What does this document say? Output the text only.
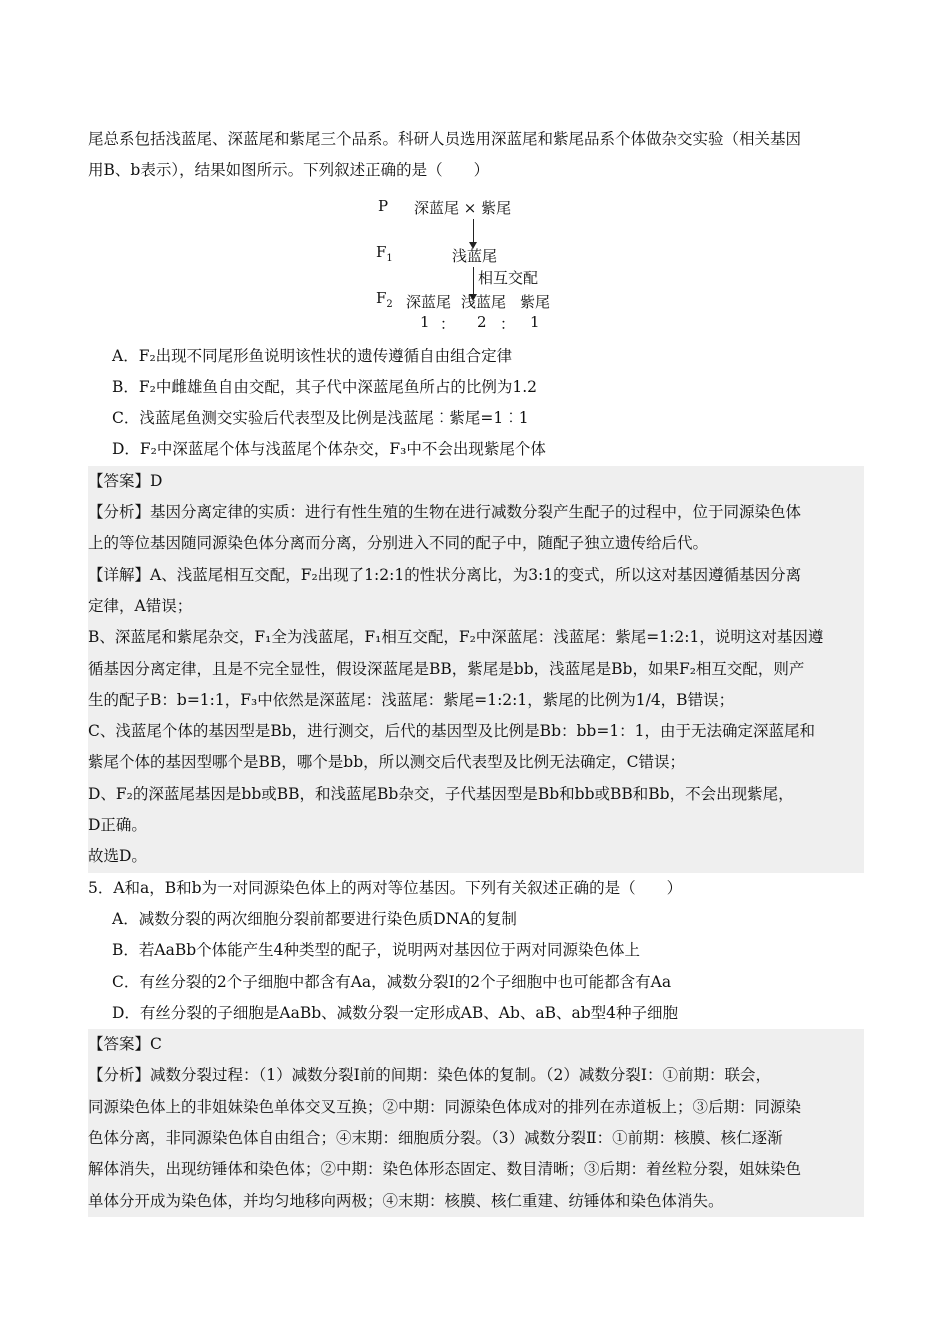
尾总系包括浅蓝尾、深蓝尾和紫尾三个品系。科研人员选用深蓝尾和紫尾品系个体做杂交实验（相关基因
用B、b表示），结果如图所示。下列叙述正确的是（　　）
P 深蓝尾 × 紫尾
$F_1$	浅蓝尾
相互交配
$F_2$ 深蓝尾 浅蓝尾 紫尾
1 ： 2 ： 1
A．F₂出现不同尾形鱼说明该性状的遗传遵循自由组合定律
B．F₂中雌雄鱼自由交配，其子代中深蓝尾鱼所占的比例为1.2
C．浅蓝尾鱼测交实验后代表型及比例是浅蓝尾︰紫尾=1︰1
D．F₂中深蓝尾个体与浅蓝尾个体杂交，F₃中不会出现紫尾个体
【答案】D
【分析】基因分离定律的实质：进行有性生殖的生物在进行减数分裂产生配子的过程中，位于同源染色体
上的等位基因随同源染色体分离而分离，分别进入不同的配子中，随配子独立遗传给后代。
【详解】A、浅蓝尾相互交配，F₂出现了1:2:1的性状分离比，为3:1的变式，所以这对基因遵循基因分离
定律，A错误；
B、深蓝尾和紫尾杂交，F₁全为浅蓝尾，F₁相互交配，F₂中深蓝尾：浅蓝尾：紫尾=1:2:1，说明这对基因遵
循基因分离定律，且是不完全显性，假设深蓝尾是BB，紫尾是bb，浅蓝尾是Bb，如果F₂相互交配，则产
生的配子B：b=1:1，F₃中依然是深蓝尾：浅蓝尾：紫尾=1:2:1，紫尾的比例为1/4，B错误；
C、浅蓝尾个体的基因型是Bb，进行测交，后代的基因型及比例是Bb：bb=1：1，由于无法确定深蓝尾和
紫尾个体的基因型哪个是BB，哪个是bb，所以测交后代表型及比例无法确定，C错误；
D、F₂的深蓝尾基因是bb或BB，和浅蓝尾Bb杂交，子代基因型是Bb和bb或BB和Bb，不会出现紫尾，
D正确。
故选D。
5．A和a，B和b为一对同源染色体上的两对等位基因。下列有关叙述正确的是（　　）
A．减数分裂的两次细胞分裂前都要进行染色质DNA的复制
B．若AaBb个体能产生4种类型的配子，说明两对基因位于两对同源染色体上
C．有丝分裂的2个子细胞中都含有Aa，减数分裂Ⅰ的2个子细胞中也可能都含有Aa
D．有丝分裂的子细胞是AaBb、减数分裂一定形成AB、Ab、aB、ab型4种子细胞
【答案】C
【分析】减数分裂过程：（1）减数分裂Ⅰ前的间期：染色体的复制。（2）减数分裂Ⅰ：①前期：联会，
同源染色体上的非姐妹染色单体交叉互换；②中期：同源染色体成对的排列在赤道板上；③后期：同源染
色体分离，非同源染色体自由组合；④末期：细胞质分裂。（3）减数分裂Ⅱ：①前期：核膜、核仁逐渐
解体消失，出现纺锤体和染色体；②中期：染色体形态固定、数目清晰；③后期：着丝粒分裂，姐妹染色
单体分开成为染色体，并均匀地移向两极；④末期：核膜、核仁重建、纺锤体和染色体消失。
